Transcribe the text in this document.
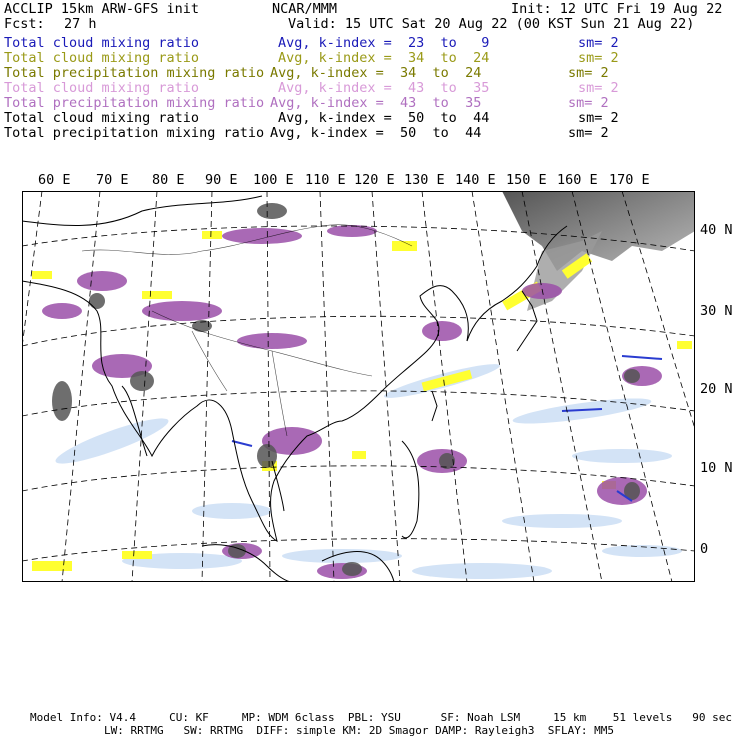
ACCLIP 15km ARW-GFS init	NCAR/MMM	Init: 12 UTC Fri 19 Aug 22
Fcst: 27 h	Valid: 15 UTC Sat 20 Aug 22 (00 KST Sun 21 Aug 22)
Total cloud mixing ratio	Avg, k-index =  23  to   9	sm= 2
Total cloud mixing ratio	Avg, k-index =  34  to  24	sm= 2
Total precipitation mixing ratio Avg, k-index =  34  to  24	sm= 2
Total cloud mixing ratio	Avg, k-index =  43  to  35	sm= 2
Total precipitation mixing ratio Avg, k-index =  43  to  35	sm= 2
Total cloud mixing ratio	Avg, k-index =  50  to  44	sm= 2
Total precipitation mixing ratio Avg, k-index =  50  to  44	sm= 2
60 E 70 E 80 E 90 E 100 E 110 E 120 E 130 E 140 E 150 E 160 E 170 E
40 N
30 N
20 N
10 N
0
Model Info: V4.4     CU: KF     MP: WDM 6class  PBL: YSU      SF: Noah LSM     15 km    51 levels   90 sec
LW: RRTMG   SW: RRTMG  DIFF: simple KM: 2D Smagor DAMP: Rayleigh3  SFLAY: MM5
